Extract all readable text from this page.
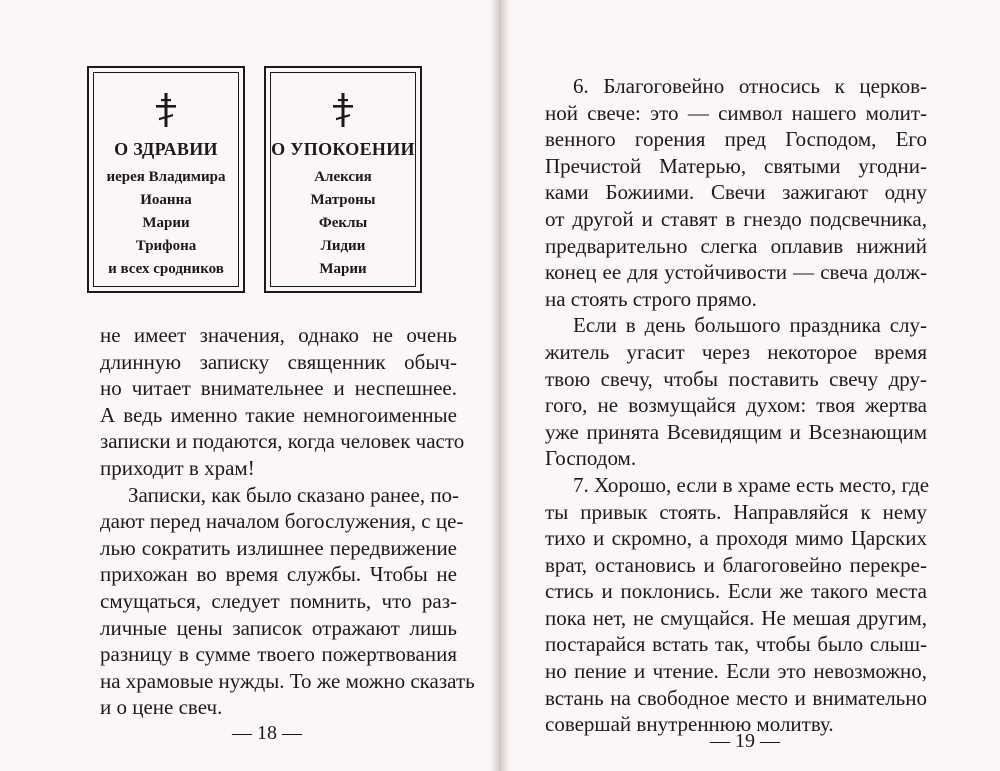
О ЗДРАВИИ
иерея Владимира
Иоанна
Марии
Трифона
и всех сродников
О УПОКОЕНИИ
Алексия
Матроны
Феклы
Лидии
Марии
не имеет значения, однако не очень
длинную записку священник обыч-
но читает внимательнее и неспешнее.
А ведь именно такие немногоименные
записки и подаются, когда человек часто
приходит в храм!
Записки, как было сказано ранее, по-
дают перед началом богослужения, с це-
лью сократить излишнее передвижение
прихожан во время службы. Чтобы не
смущаться, следует помнить, что раз-
личные цены записок отражают лишь
разницу в сумме твоего пожертвования
на храмовые нужды. То же можно сказать
и о цене свеч.
— 18 —
6. Благоговейно относись к церков-
ной свече: это — символ нашего молит-
венного горения пред Господом, Его
Пречистой Матерью, святыми угодни-
ками Божиими. Свечи зажигают одну
от другой и ставят в гнездо подсвечника,
предварительно слегка оплавив нижний
конец ее для устойчивости — свеча долж-
на стоять строго прямо.
Если в день большого праздника слу-
житель угасит через некоторое время
твою свечу, чтобы поставить свечу дру-
гого, не возмущайся духом: твоя жертва
уже принята Всевидящим и Всезнающим
Господом.
7. Хорошо, если в храме есть место, где
ты привык стоять. Направляйся к нему
тихо и скромно, а проходя мимо Царских
врат, остановись и благоговейно перекре-
стись и поклонись. Если же такого места
пока нет, не смущайся. Не мешая другим,
постарайся встать так, чтобы было слыш-
но пение и чтение. Если это невозможно,
встань на свободное место и внимательно
совершай внутреннюю молитву.
— 19 —
